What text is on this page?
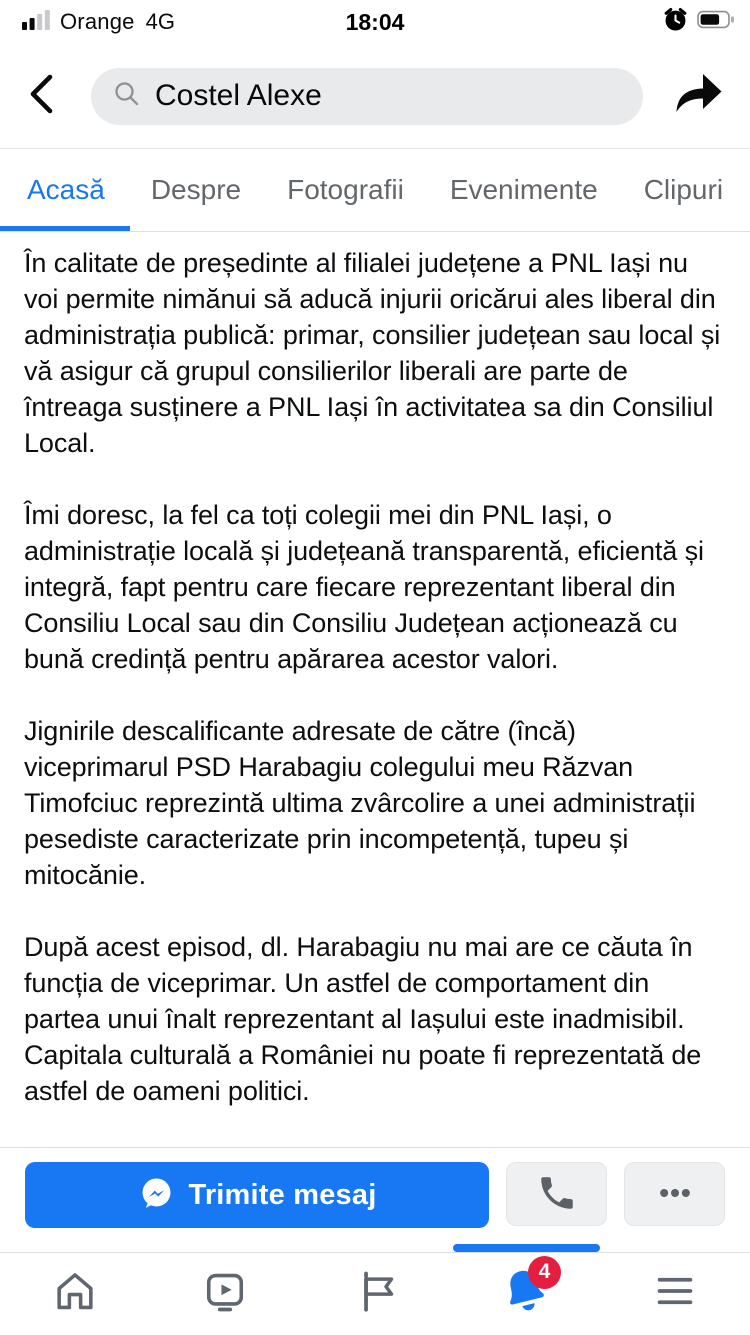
Orange 4G	18:04
Costel Alexe
Acasă Despre Fotografii Evenimente Clipuri

În calitate de președinte al filialei județene a PNL Iași nu voi permite nimănui să aducă injurii oricărui ales liberal din administrația publică: primar, consilier județean sau local și vă asigur că grupul consilierilor liberali are parte de întreaga susținere a PNL Iași în activitatea sa din Consiliul Local.

Îmi doresc, la fel ca toți colegii mei din PNL Iași, o administrație locală și județeană transparentă, eficientă și integră, fapt pentru care fiecare reprezentant liberal din Consiliu Local sau din Consiliu Județean acționează cu bună credință pentru apărarea acestor valori.

Jignirile descalificante adresate de către (încă) viceprimarul PSD Harabagiu colegului meu Răzvan Timofciuc reprezintă ultima zvârcolire a unei administrații pesediste caracterizate prin incompetență, tupeu și mitocănie.

După acest episod, dl. Harabagiu nu mai are ce căuta în funcția de viceprimar. Un astfel de comportament din partea unui înalt reprezentant al Iașului este inadmisibil. Capitala culturală a României nu poate fi reprezentată de astfel de oameni politici.

Trimite mesaj
4
